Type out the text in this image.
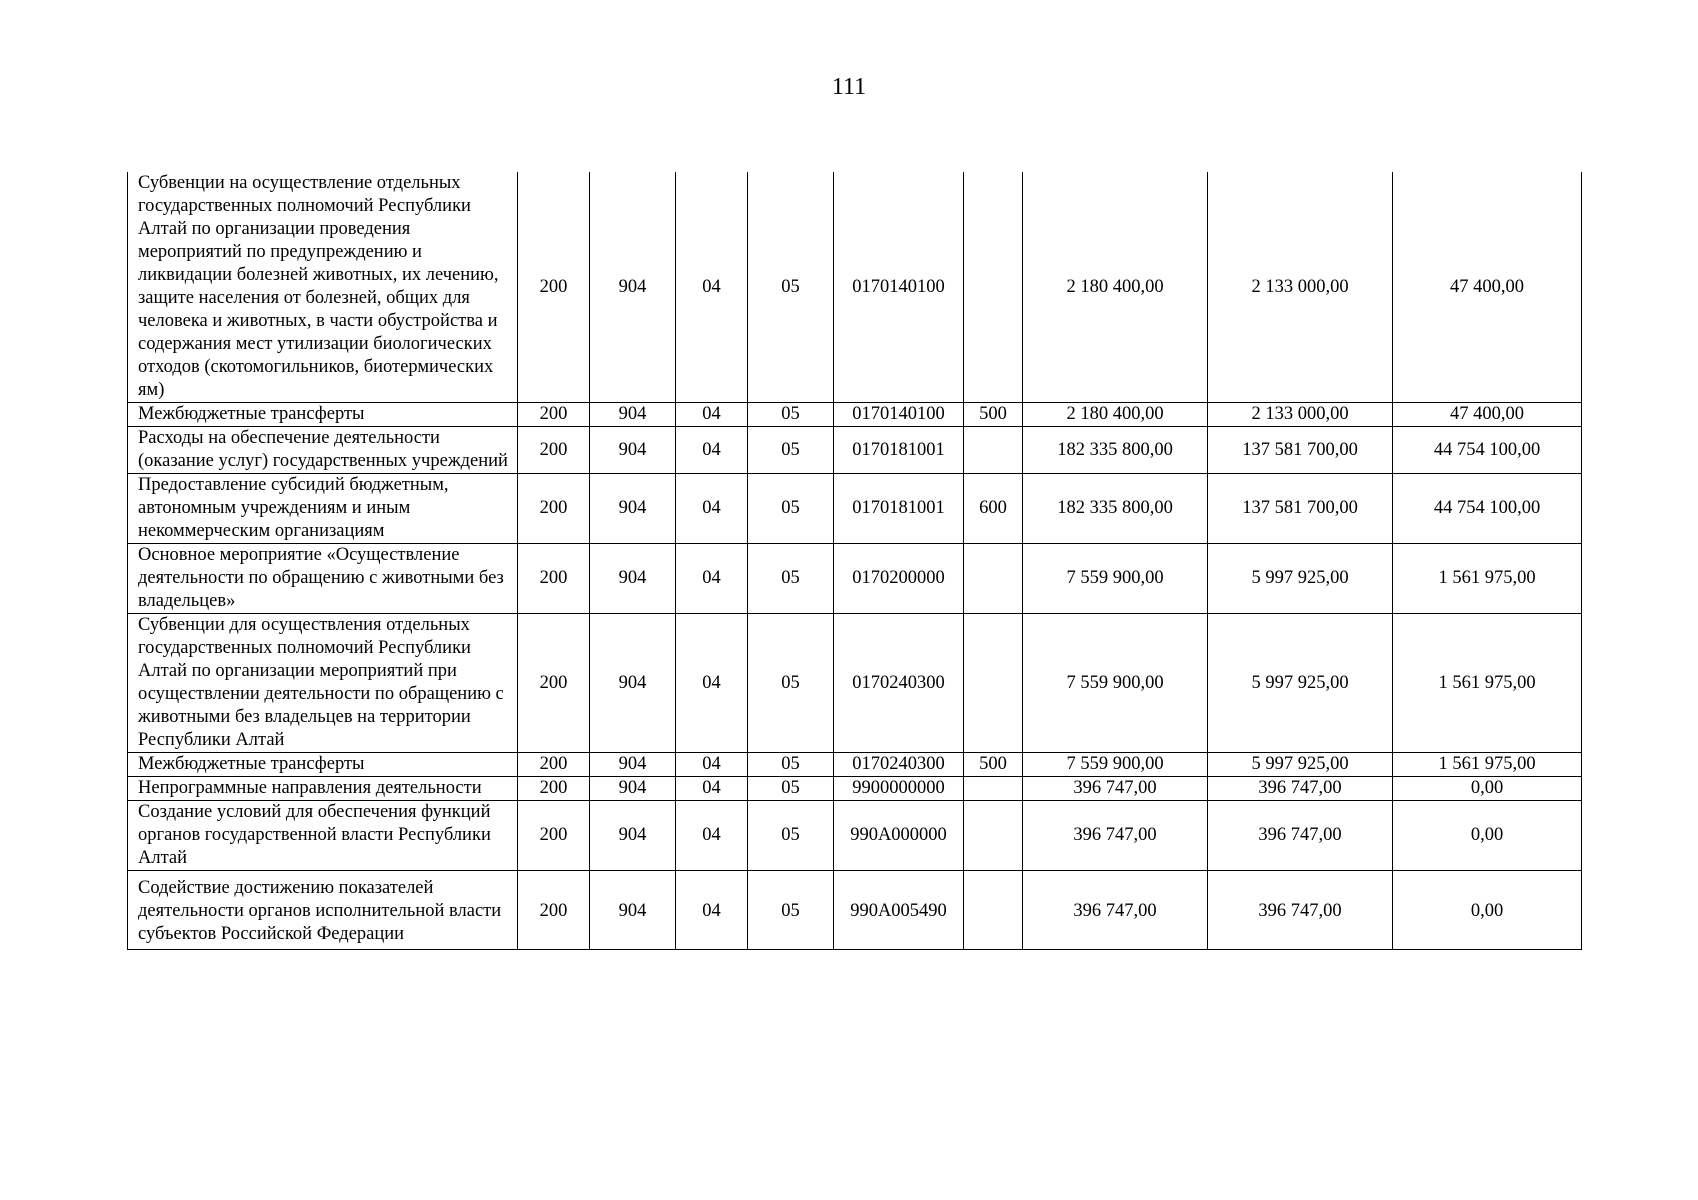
111
Субвенции на осуществление отдельных государственных полномочий Республики Алтай по организации проведения мероприятий по предупреждению и ликвидации болезней животных, их лечению, защите населения от болезней, общих для человека и животных, в части обустройства и содержания мест утилизации биологических отходов (скотомогильников, биотермических ям)	200	904	04	05	0170140100		2 180 400,00	2 133 000,00	47 400,00
Межбюджетные трансферты	200	904	04	05	0170140100	500	2 180 400,00	2 133 000,00	47 400,00
Расходы на обеспечение деятельности (оказание услуг) государственных учреждений	200	904	04	05	0170181001		182 335 800,00	137 581 700,00	44 754 100,00
Предоставление субсидий бюджетным, автономным учреждениям и иным некоммерческим организациям	200	904	04	05	0170181001	600	182 335 800,00	137 581 700,00	44 754 100,00
Основное мероприятие «Осуществление деятельности по обращению с животными без владельцев»	200	904	04	05	0170200000		7 559 900,00	5 997 925,00	1 561 975,00
Субвенции для осуществления отдельных государственных полномочий Республики Алтай по организации мероприятий при осуществлении деятельности по обращению с животными без владельцев на территории Республики Алтай	200	904	04	05	0170240300		7 559 900,00	5 997 925,00	1 561 975,00
Межбюджетные трансферты	200	904	04	05	0170240300	500	7 559 900,00	5 997 925,00	1 561 975,00
Непрограммные направления деятельности	200	904	04	05	9900000000		396 747,00	396 747,00	0,00
Создание условий для обеспечения функций органов государственной власти Республики Алтай	200	904	04	05	990А000000		396 747,00	396 747,00	0,00
Содействие достижению показателей деятельности органов исполнительной власти субъектов Российской Федерации	200	904	04	05	990А005490		396 747,00	396 747,00	0,00
